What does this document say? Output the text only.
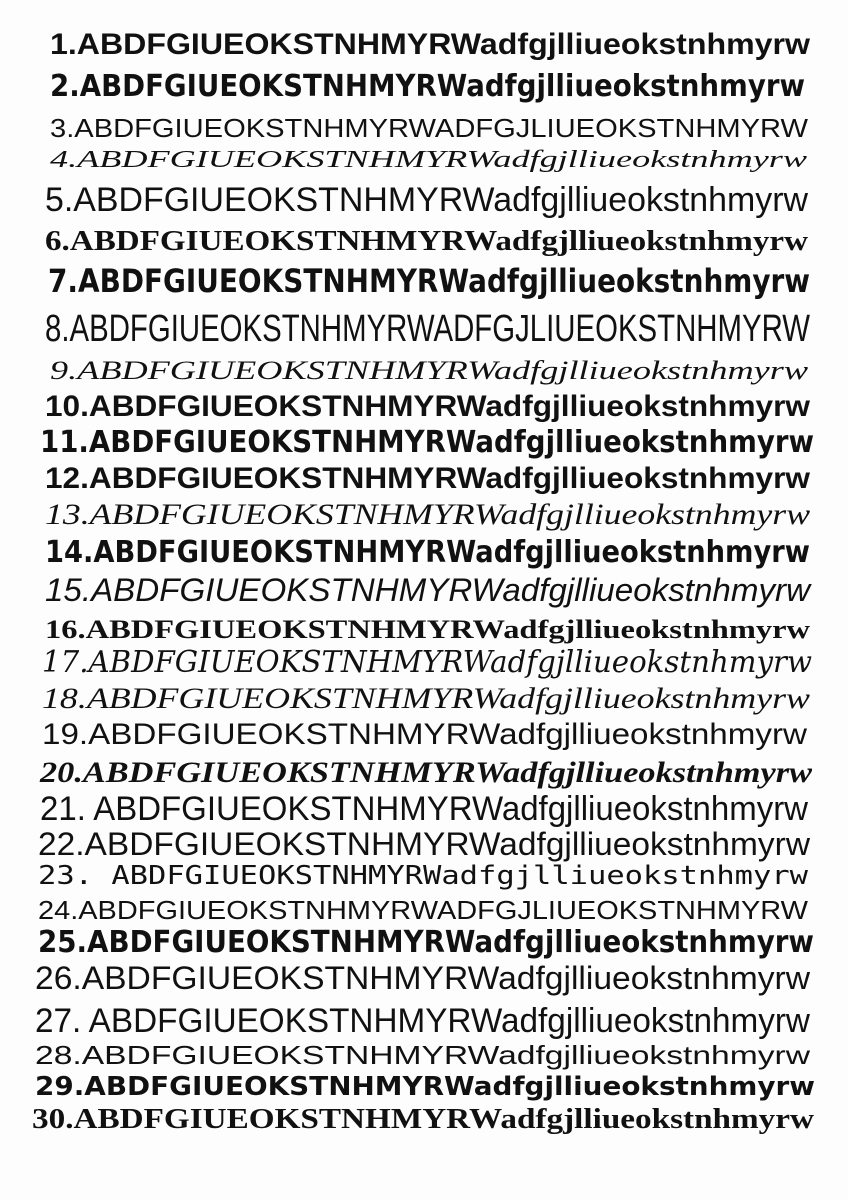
1.ABDFGIUEOKSTNHMYRWadfgjlliueokstnhmyrw
2.ABDFGIUEOKSTNHMYRWadfgjlliueokstnhmyrw
3.ABDFGIUEOKSTNHMYRWADFGJLIUEOKSTNHMYRW
4.ABDFGIUEOKSTNHMYRWadfgjlliueokstnhmyrw
5.ABDFGIUEOKSTNHMYRWadfgjlliueokstnhmyrw
6.ABDFGIUEOKSTNHMYRWadfgjlliueokstnhmyrw
7.ABDFGIUEOKSTNHMYRWadfgjlliueokstnhmyrw
8.ABDFGIUEOKSTNHMYRWADFGJLIUEOKSTNHMYRW
9.ABDFGIUEOKSTNHMYRWadfgjlliueokstnhmyrw
10.ABDFGIUEOKSTNHMYRWadfgjlliueokstnhmyrw
11.ABDFGIUEOKSTNHMYRWadfgjlliueokstnhmyrw
12.ABDFGIUEOKSTNHMYRWadfgjlliueokstnhmyrw
13.ABDFGIUEOKSTNHMYRWadfgjlliueokstnhmyrw
14.ABDFGIUEOKSTNHMYRWadfgjlliueokstnhmyrw
15.ABDFGIUEOKSTNHMYRWadfgjlliueokstnhmyrw
16.ABDFGIUEOKSTNHMYRWadfgjlliueokstnhmyrw
17.ABDFGIUEOKSTNHMYRWadfgjlliueokstnhmyrw
18.ABDFGIUEOKSTNHMYRWadfgjlliueokstnhmyrw
19.ABDFGIUEOKSTNHMYRWadfgjlliueokstnhmyrw
20.ABDFGIUEOKSTNHMYRWadfgjlliueokstnhmyrw
21. ABDFGIUEOKSTNHMYRWadfgjlliueokstnhmyrw
22.ABDFGIUEOKSTNHMYRWadfgjlliueokstnhmyrw
23. ABDFGIUEOKSTNHMYRWadfgjlliueokstnhmyrw
24.ABDFGIUEOKSTNHMYRWADFGJLIUEOKSTNHMYRW
25.ABDFGIUEOKSTNHMYRWadfgjlliueokstnhmyrw
26.ABDFGIUEOKSTNHMYRWadfgjlliueokstnhmyrw
27. ABDFGIUEOKSTNHMYRWadfgjlliueokstnhmyrw
28.ABDFGIUEOKSTNHMYRWadfgjlliueokstnhmyrw
29.ABDFGIUEOKSTNHMYRWadfgjlliueokstnhmyrw
30.ABDFGIUEOKSTNHMYRWadfgjlliueokstnhmyrw
